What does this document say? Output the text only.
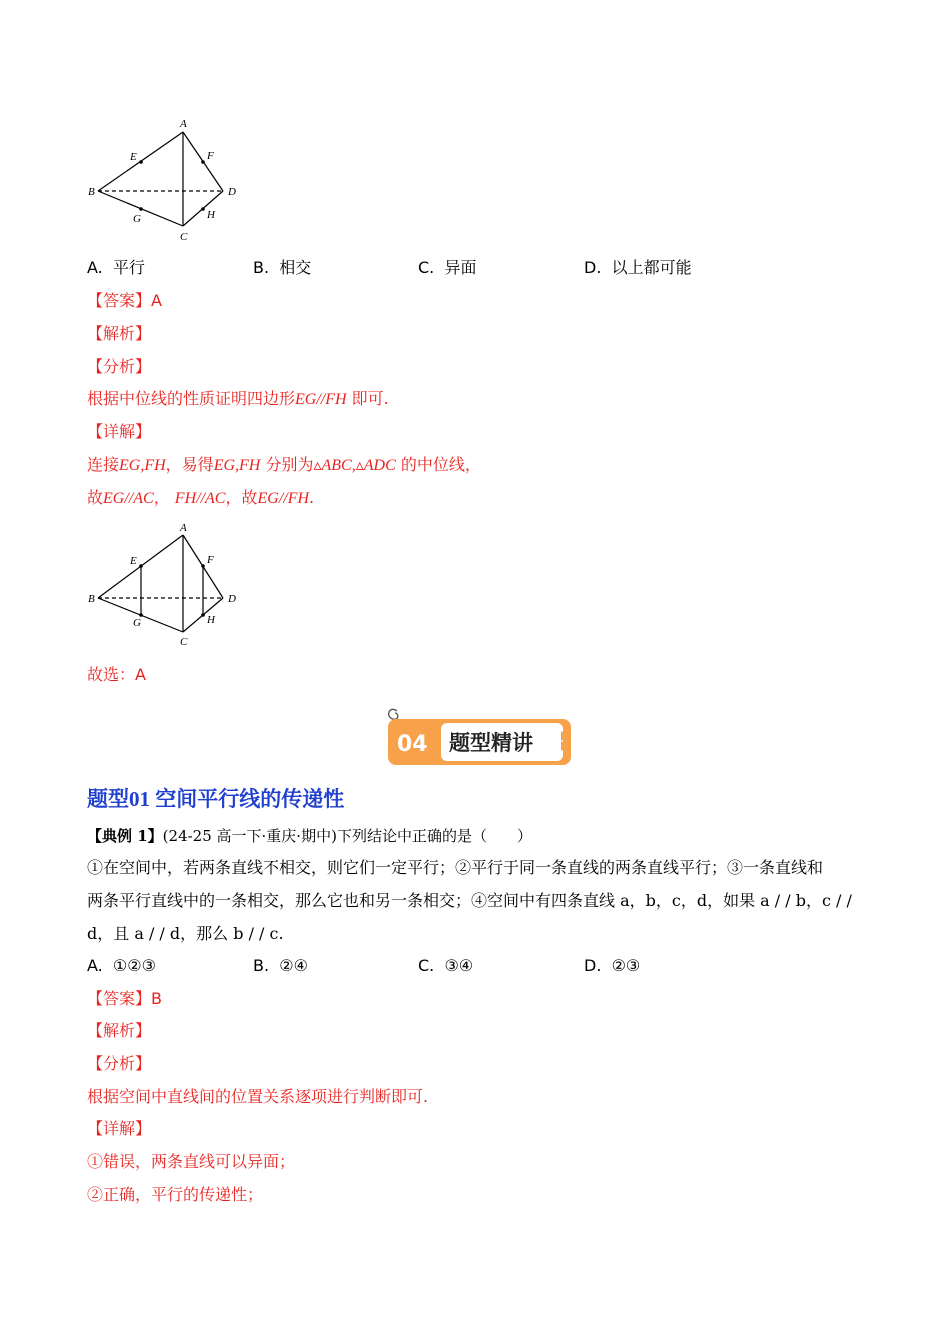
A
B
C
D
E	F
G	H
A. 平行	B. 相交	C. 异面	D. 以上都可能
【答案】A
【解析】
【分析】
根据中位线的性质证明四边形EG//FH 即可.
【详解】
连接EG,FH，易得EG,FH 分别为▵ABC,▵ADC 的中位线，
故EG//AC， FH//AC，故EG//FH.
A
B
C
D
E	F
G	H
故选：A
04 题型精讲
题型01 空间平行线的传递性
【典例 1】(24-25 高一下·重庆·期中)下列结论中正确的是（　　）
①在空间中，若两条直线不相交，则它们一定平行；②平行于同一条直线的两条直线平行；③一条直线和
两条平行直线中的一条相交，那么它也和另一条相交；④空间中有四条直线 a，b，c，d，如果 a / / b，c / /
d，且 a / / d，那么 b / / c.
A. ①②③	B. ②④	C. ③④	D. ②③
【答案】B
【解析】
【分析】
根据空间中直线间的位置关系逐项进行判断即可.
【详解】
①错误，两条直线可以异面；
②正确，平行的传递性；
